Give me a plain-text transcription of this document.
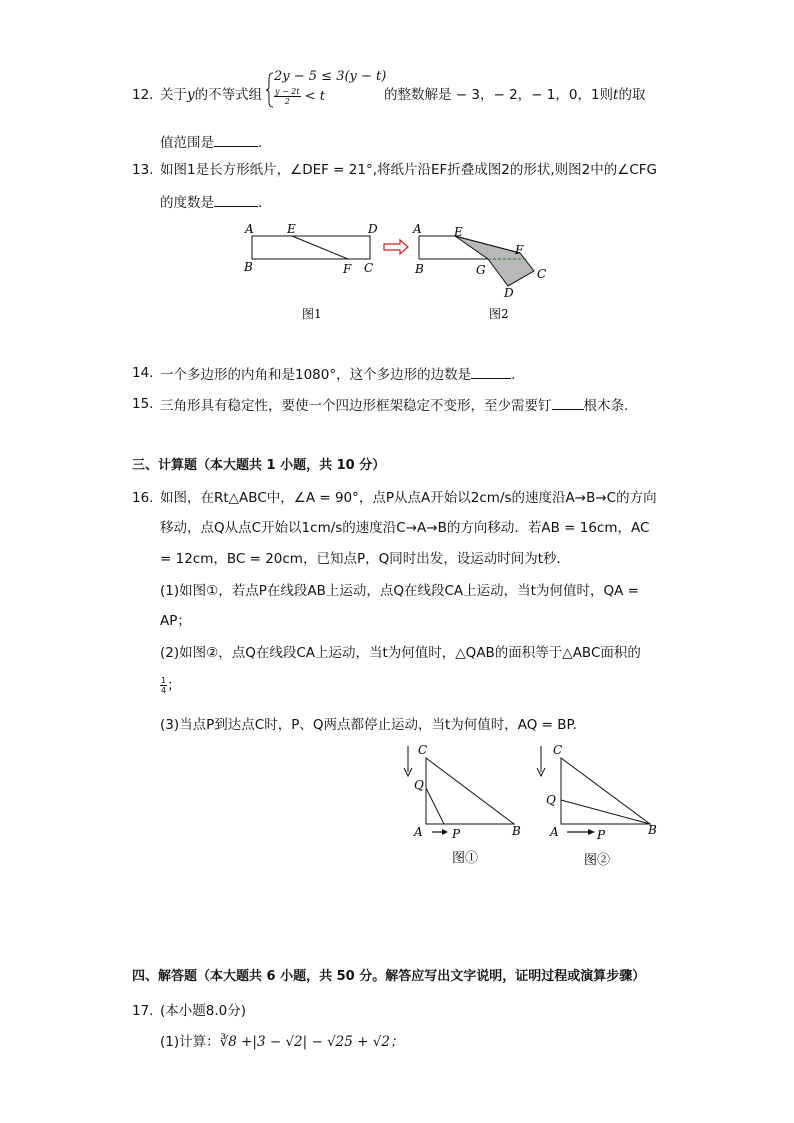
12. 关于y的不等式组
2y − 5 ≤ 3(y − t)
$\frac{y - 2t}{2} < t$	的整数解是 − 3，− 2，− 1，0，1则t的取
值范围是	.
13. 如图1是长方形纸片，∠DEF = 21°,将纸片沿EF折叠成图2的形状,则图2中的∠CFG
的度数是	.
A	E	D
B	F C
A	E
B	G
F
C
D
图1	图2
14. 一个多边形的内角和是1080°，这个多边形的边数是	.
15. 三角形具有稳定性，要使一个四边形框架稳定不变形，至少需要钉 根木条.
三、计算题（本大题共 1 小题，共 10 分）
16. 如图，在Rt△ABC中，∠A = 90°，点P从点A开始以2cm/s的速度沿A→B→C的方向
移动，点Q从点C开始以1cm/s的速度沿C→A→B的方向移动．若AB = 16cm，AC
= 12cm，BC = 20cm，已知点P，Q同时出发，设运动时间为t秒．
(1)如图①，若点P在线段AB上运动，点Q在线段CA上运动，当t为何值时，QA =
AP；
(2)如图②，点Q在线段CA上运动，当t为何值时，△QAB的面积等于△ABC面积的
$\frac{1}{4}$ ；
(3)当点P到达点C时，P、Q两点都停止运动，当t为何值时，AQ = BP.
C
Q
A P	B
图①
C
Q
A	P	B
图②
四、解答题（本大题共 6 小题，共 50 分。解答应写出文字说明，证明过程或演算步骤）
17. (本小题8.0分)
(1)计算：∛8 +|3 − √2| − √25 + √2；
